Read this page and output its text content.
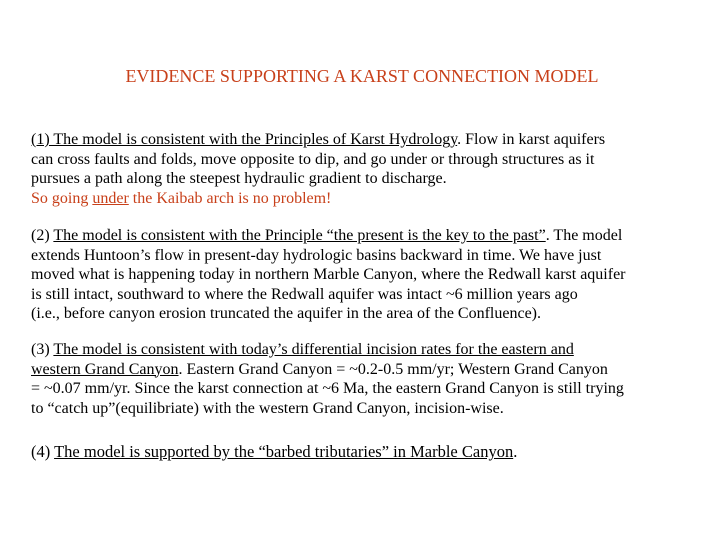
EVIDENCE SUPPORTING A KARST CONNECTION MODEL
(1) The model is consistent with the Principles of Karst Hydrology. Flow in karst aquifers
can cross faults and folds, move opposite to dip, and go under or through structures as it
pursues a path along the steepest hydraulic gradient to discharge.
So going under the Kaibab arch is no problem!
(2) The model is consistent with the Principle “the present is the key to the past”. The model
extends Huntoon’s flow in present-day hydrologic basins backward in time. We have just
moved what is happening today in northern Marble Canyon, where the Redwall karst aquifer
is still intact, southward to where the Redwall aquifer was intact ~6 million years ago
(i.e., before canyon erosion truncated the aquifer in the area of the Confluence).
(3) The model is consistent with today’s differential incision rates for the eastern and
western Grand Canyon. Eastern Grand Canyon = ~0.2-0.5 mm/yr; Western Grand Canyon
= ~0.07 mm/yr. Since the karst connection at ~6 Ma, the eastern Grand Canyon is still trying
to “catch up”(equilibriate) with the western Grand Canyon, incision-wise.
(4) The model is supported by the “barbed tributaries” in Marble Canyon.
